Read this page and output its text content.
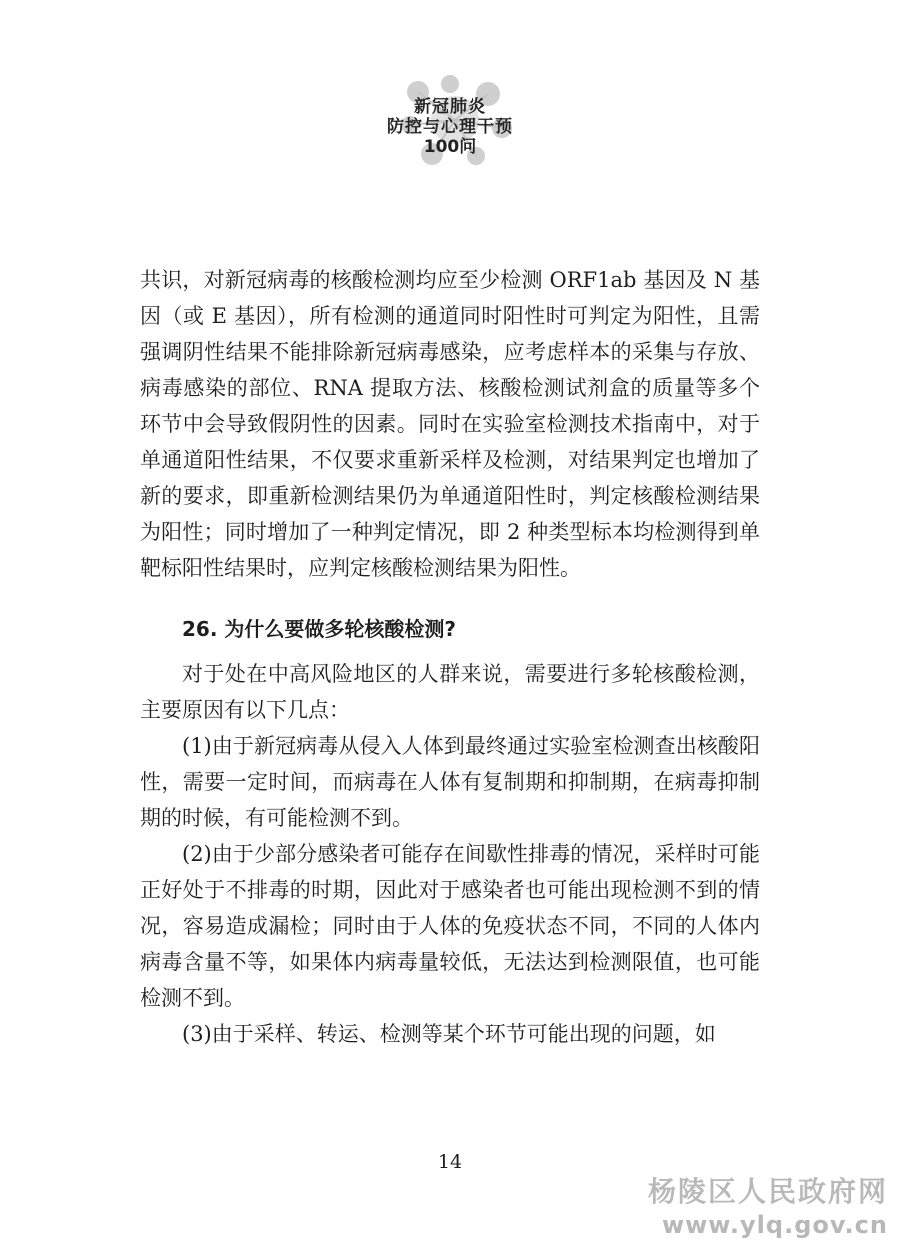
新冠肺炎
防控与心理干预
100问

共识，对新冠病毒的核酸检测均应至少检测 ORF1ab 基因及 N 基因（或 E 基因），所有检测的通道同时阳性时可判定为阳性，且需强调阴性结果不能排除新冠病毒感染，应考虑样本的采集与存放、病毒感染的部位、RNA 提取方法、核酸检测试剂盒的质量等多个环节中会导致假阴性的因素。同时在实验室检测技术指南中，对于单通道阳性结果，不仅要求重新采样及检测，对结果判定也增加了新的要求，即重新检测结果仍为单通道阳性时，判定核酸检测结果为阳性；同时增加了一种判定情况，即 2 种类型标本均检测得到单靶标阳性结果时，应判定核酸检测结果为阳性。

26. 为什么要做多轮核酸检测?

对于处在中高风险地区的人群来说，需要进行多轮核酸检测，主要原因有以下几点：

(1)由于新冠病毒从侵入人体到最终通过实验室检测查出核酸阳性，需要一定时间，而病毒在人体有复制期和抑制期，在病毒抑制期的时候，有可能检测不到。

(2)由于少部分感染者可能存在间歇性排毒的情况，采样时可能正好处于不排毒的时期，因此对于感染者也可能出现检测不到的情况，容易造成漏检；同时由于人体的免疫状态不同，不同的人体内病毒含量不等，如果体内病毒量较低，无法达到检测限值，也可能检测不到。

(3)由于采样、转运、检测等某个环节可能出现的问题，如

14
杨陵区人民政府网
www.ylq.gov.cn
